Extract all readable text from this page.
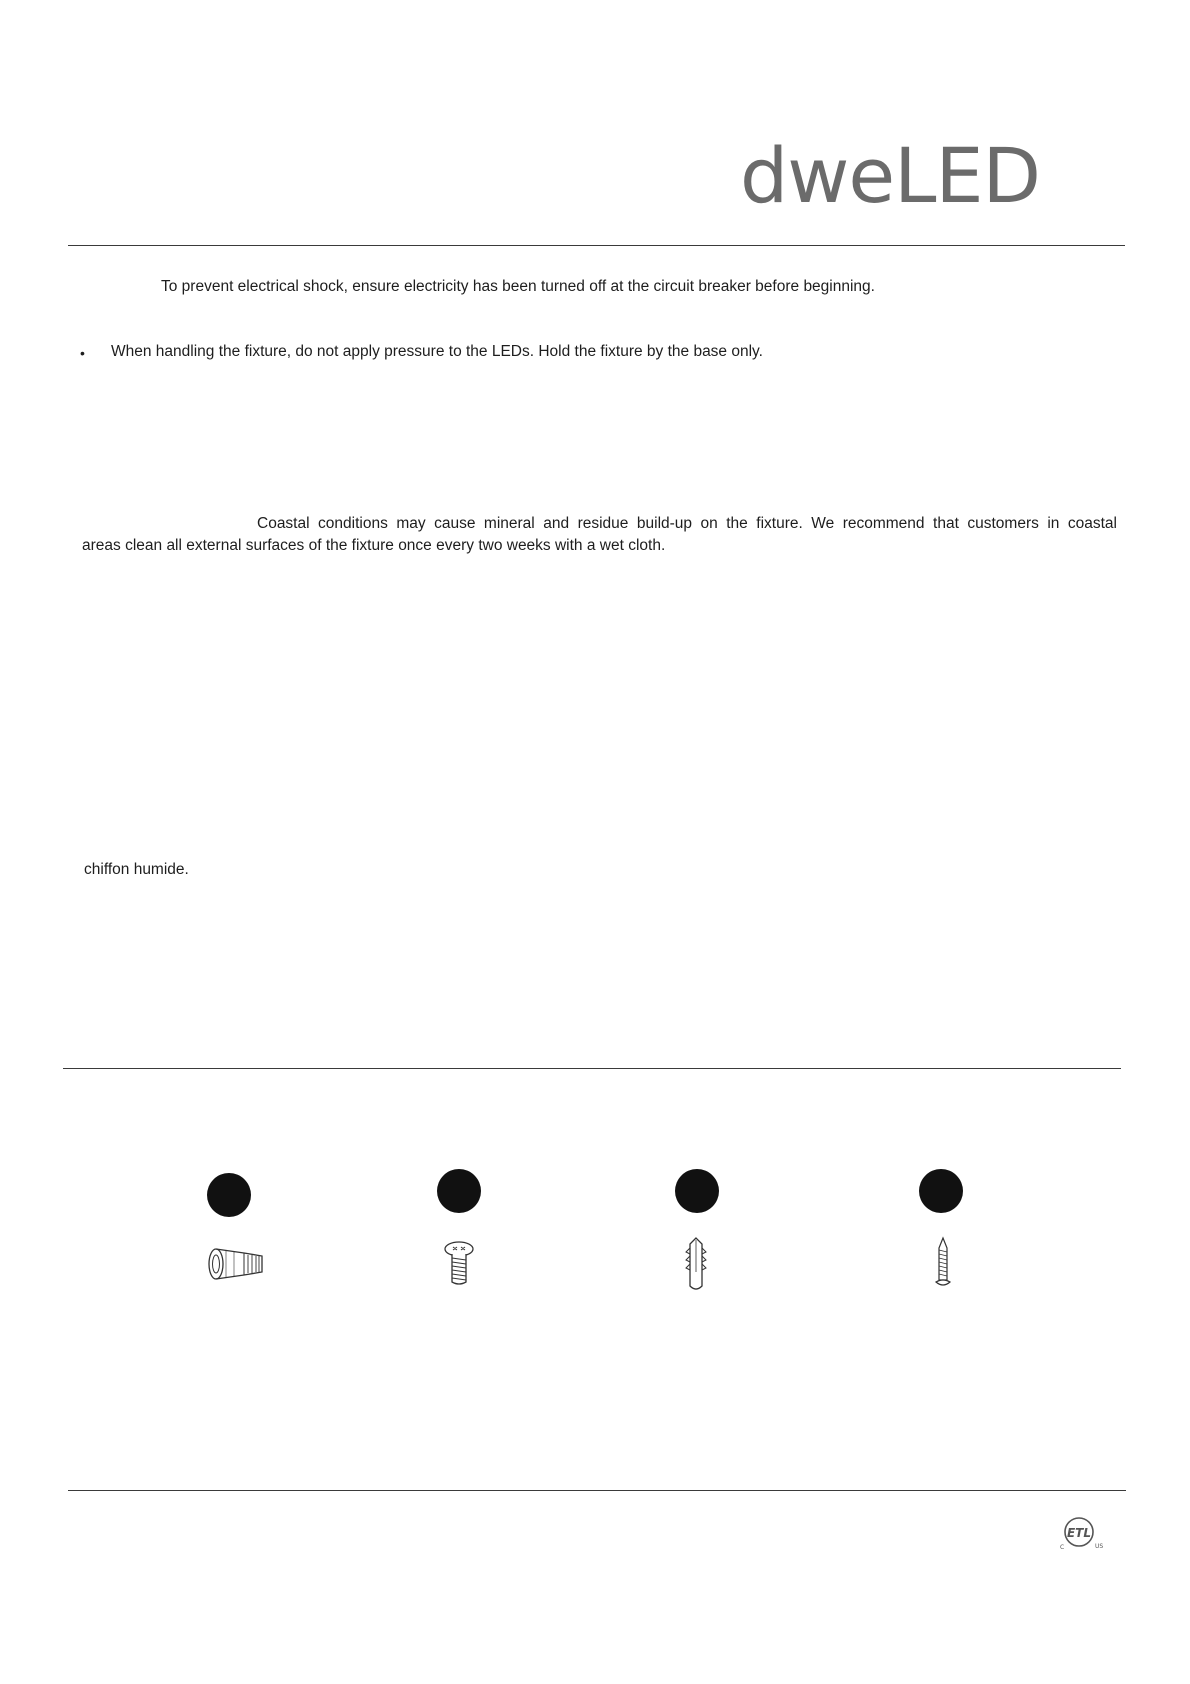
dweLED
To prevent electrical shock, ensure electricity has been turned off at the circuit breaker before beginning.
• When handling the fixture, do not apply pressure to the LEDs. Hold the fixture by the base only.
Coastal conditions may cause mineral and residue build-up on the fixture. We recommend that customers in coastal
areas clean all external surfaces of the fixture once every two weeks with a wet cloth.
chiffon humide.
ETL
C	US
